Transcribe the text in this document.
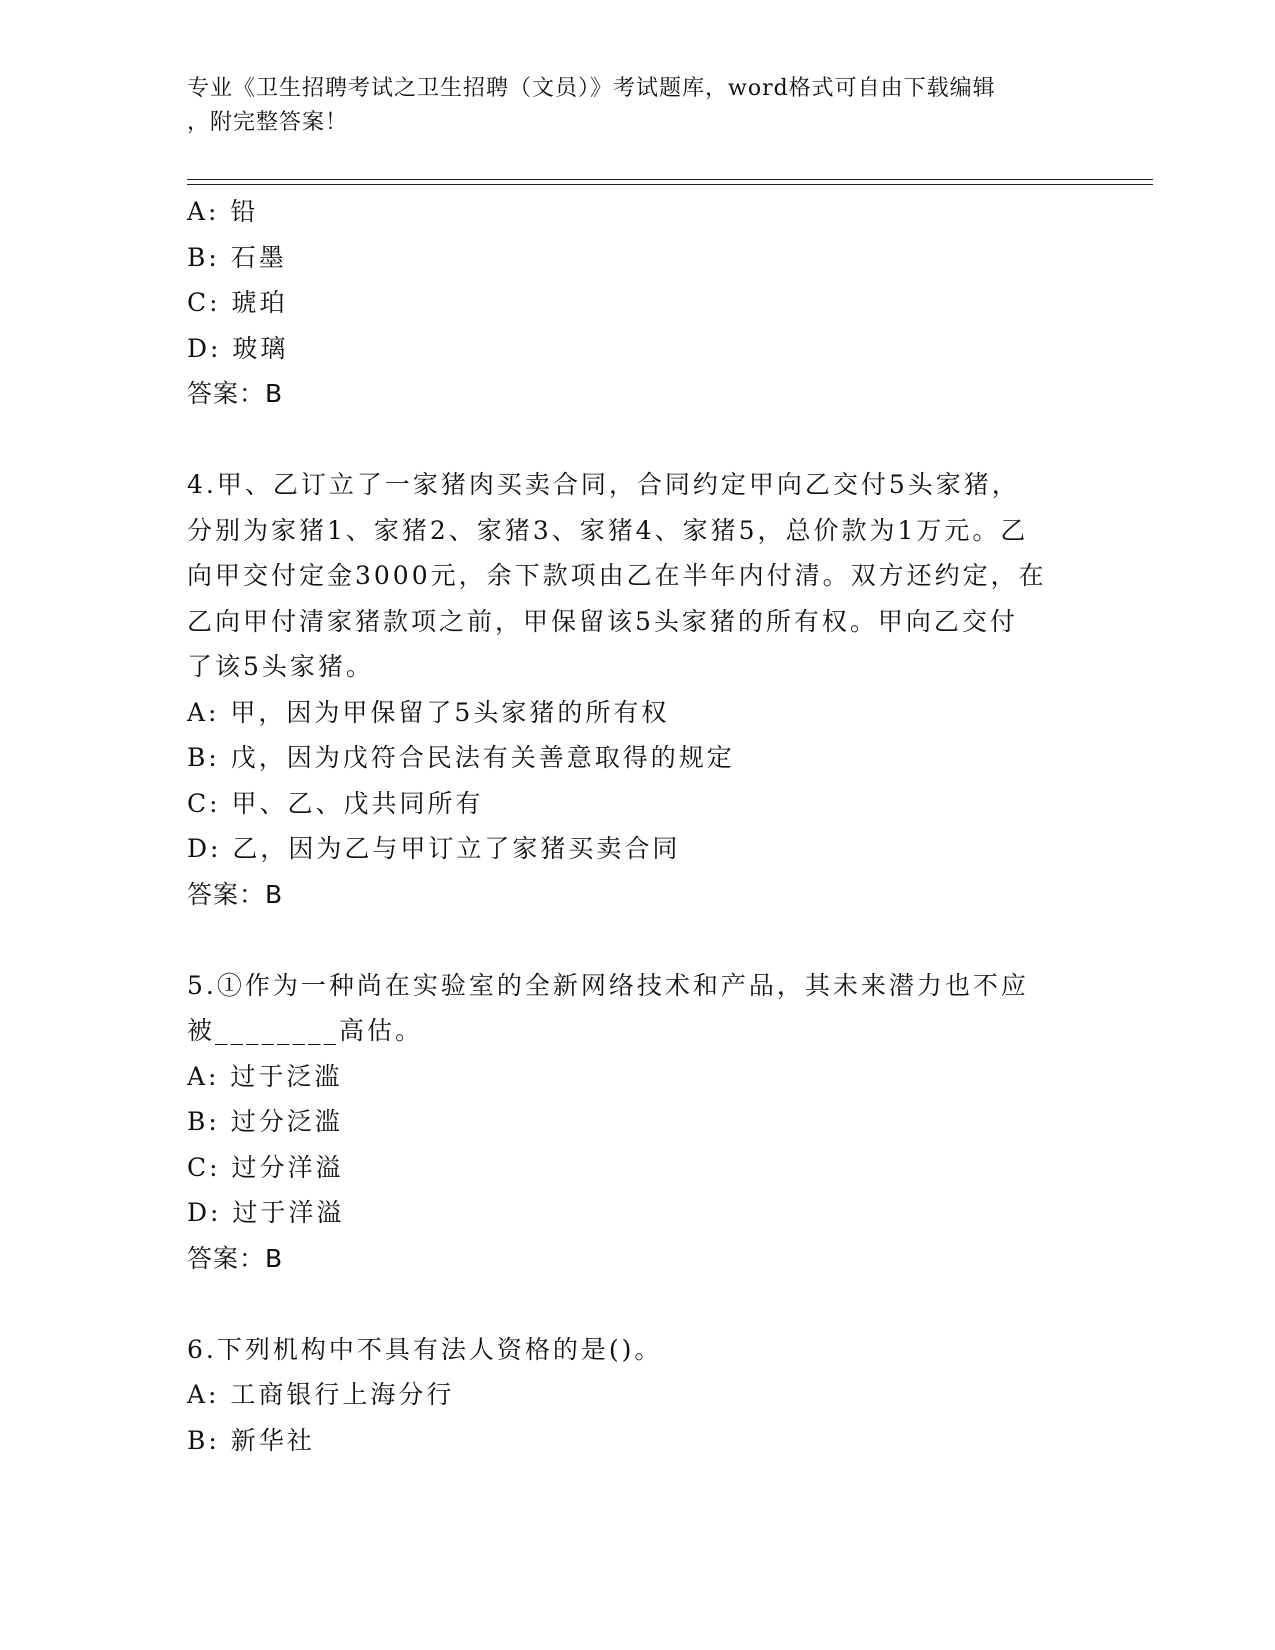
专业《卫生招聘考试之卫生招聘（文员）》考试题库，word格式可自由下载编辑
，附完整答案！
A: 铅
B: 石墨
C: 琥珀
D: 玻璃
答案：B
4.甲、乙订立了一家猪肉买卖合同，合同约定甲向乙交付5头家猪，
分别为家猪1、家猪2、家猪3、家猪4、家猪5，总价款为1万元。乙
向甲交付定金3000元，余下款项由乙在半年内付清。双方还约定，在
乙向甲付清家猪款项之前，甲保留该5头家猪的所有权。甲向乙交付
了该5头家猪。
A: 甲，因为甲保留了5头家猪的所有权
B: 戊，因为戊符合民法有关善意取得的规定
C: 甲、乙、戊共同所有
D: 乙，因为乙与甲订立了家猪买卖合同
答案：B
5.①作为一种尚在实验室的全新网络技术和产品，其未来潜力也不应
被________高估。
A: 过于泛滥
B: 过分泛滥
C: 过分洋溢
D: 过于洋溢
答案：B
6.下列机构中不具有法人资格的是()。
A: 工商银行上海分行
B: 新华社
